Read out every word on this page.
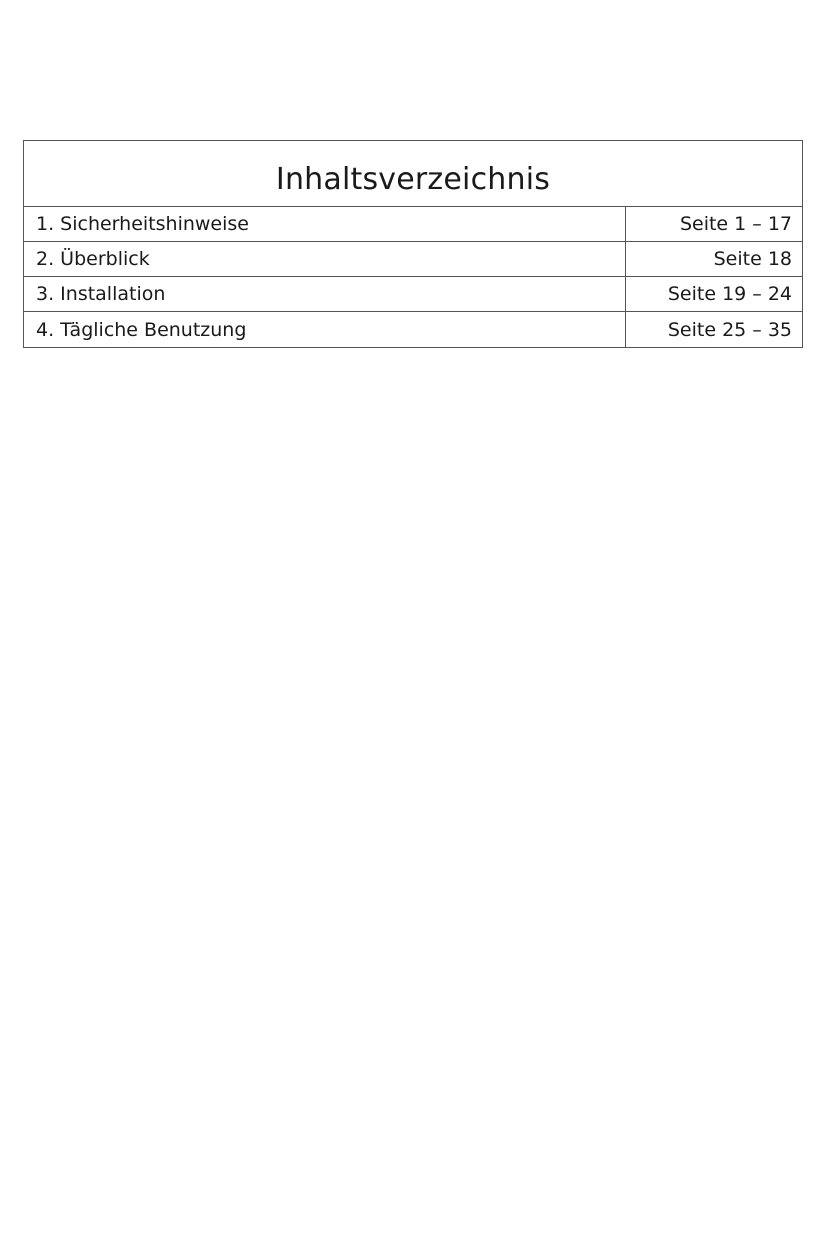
Inhaltsverzeichnis
1. Sicherheitshinweise	Seite 1 – 17
2. Überblick	Seite 18
3. Installation	Seite 19 – 24
4. Tägliche Benutzung	Seite 25 – 35
